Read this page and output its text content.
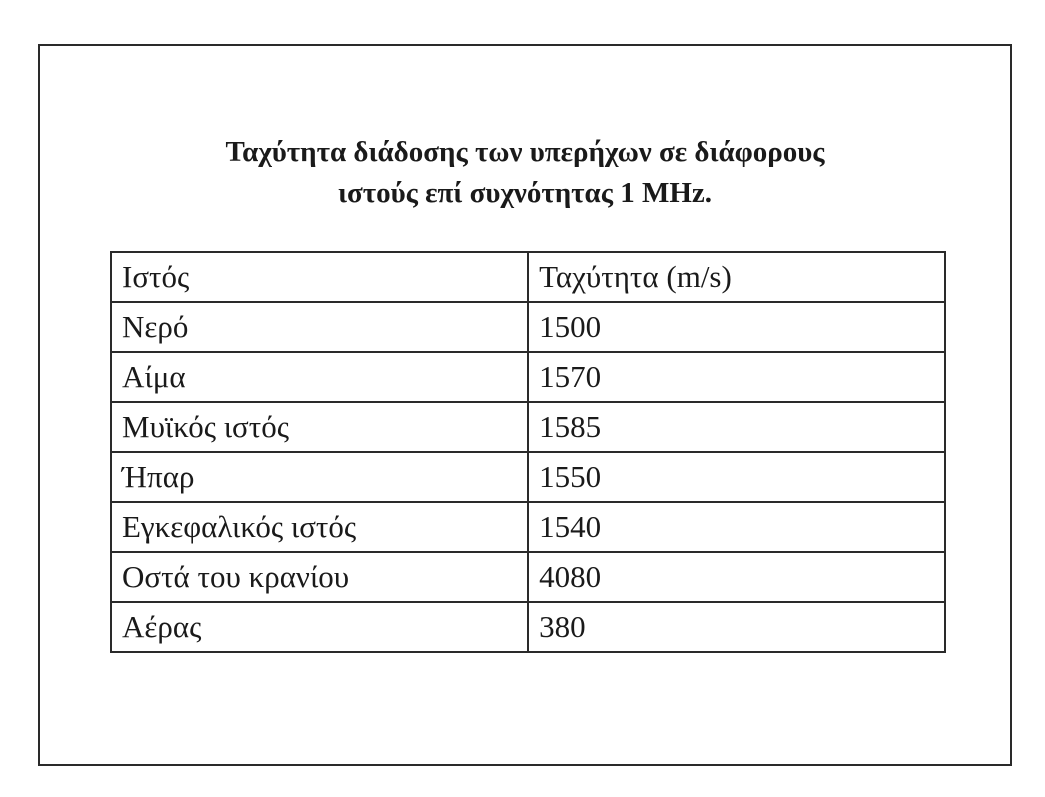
Ταχύτητα διάδοσης των υπερήχων σε διάφορους
ιστούς επί συχνότητας 1 MHz.
Ιστός	Ταχύτητα (m/s)
Νερό	1500
Αίμα	1570
Μυϊκός ιστός	1585
Ήπαρ	1550
Εγκεφαλικός ιστός	1540
Οστά του κρανίου	4080
Αέρας	380
